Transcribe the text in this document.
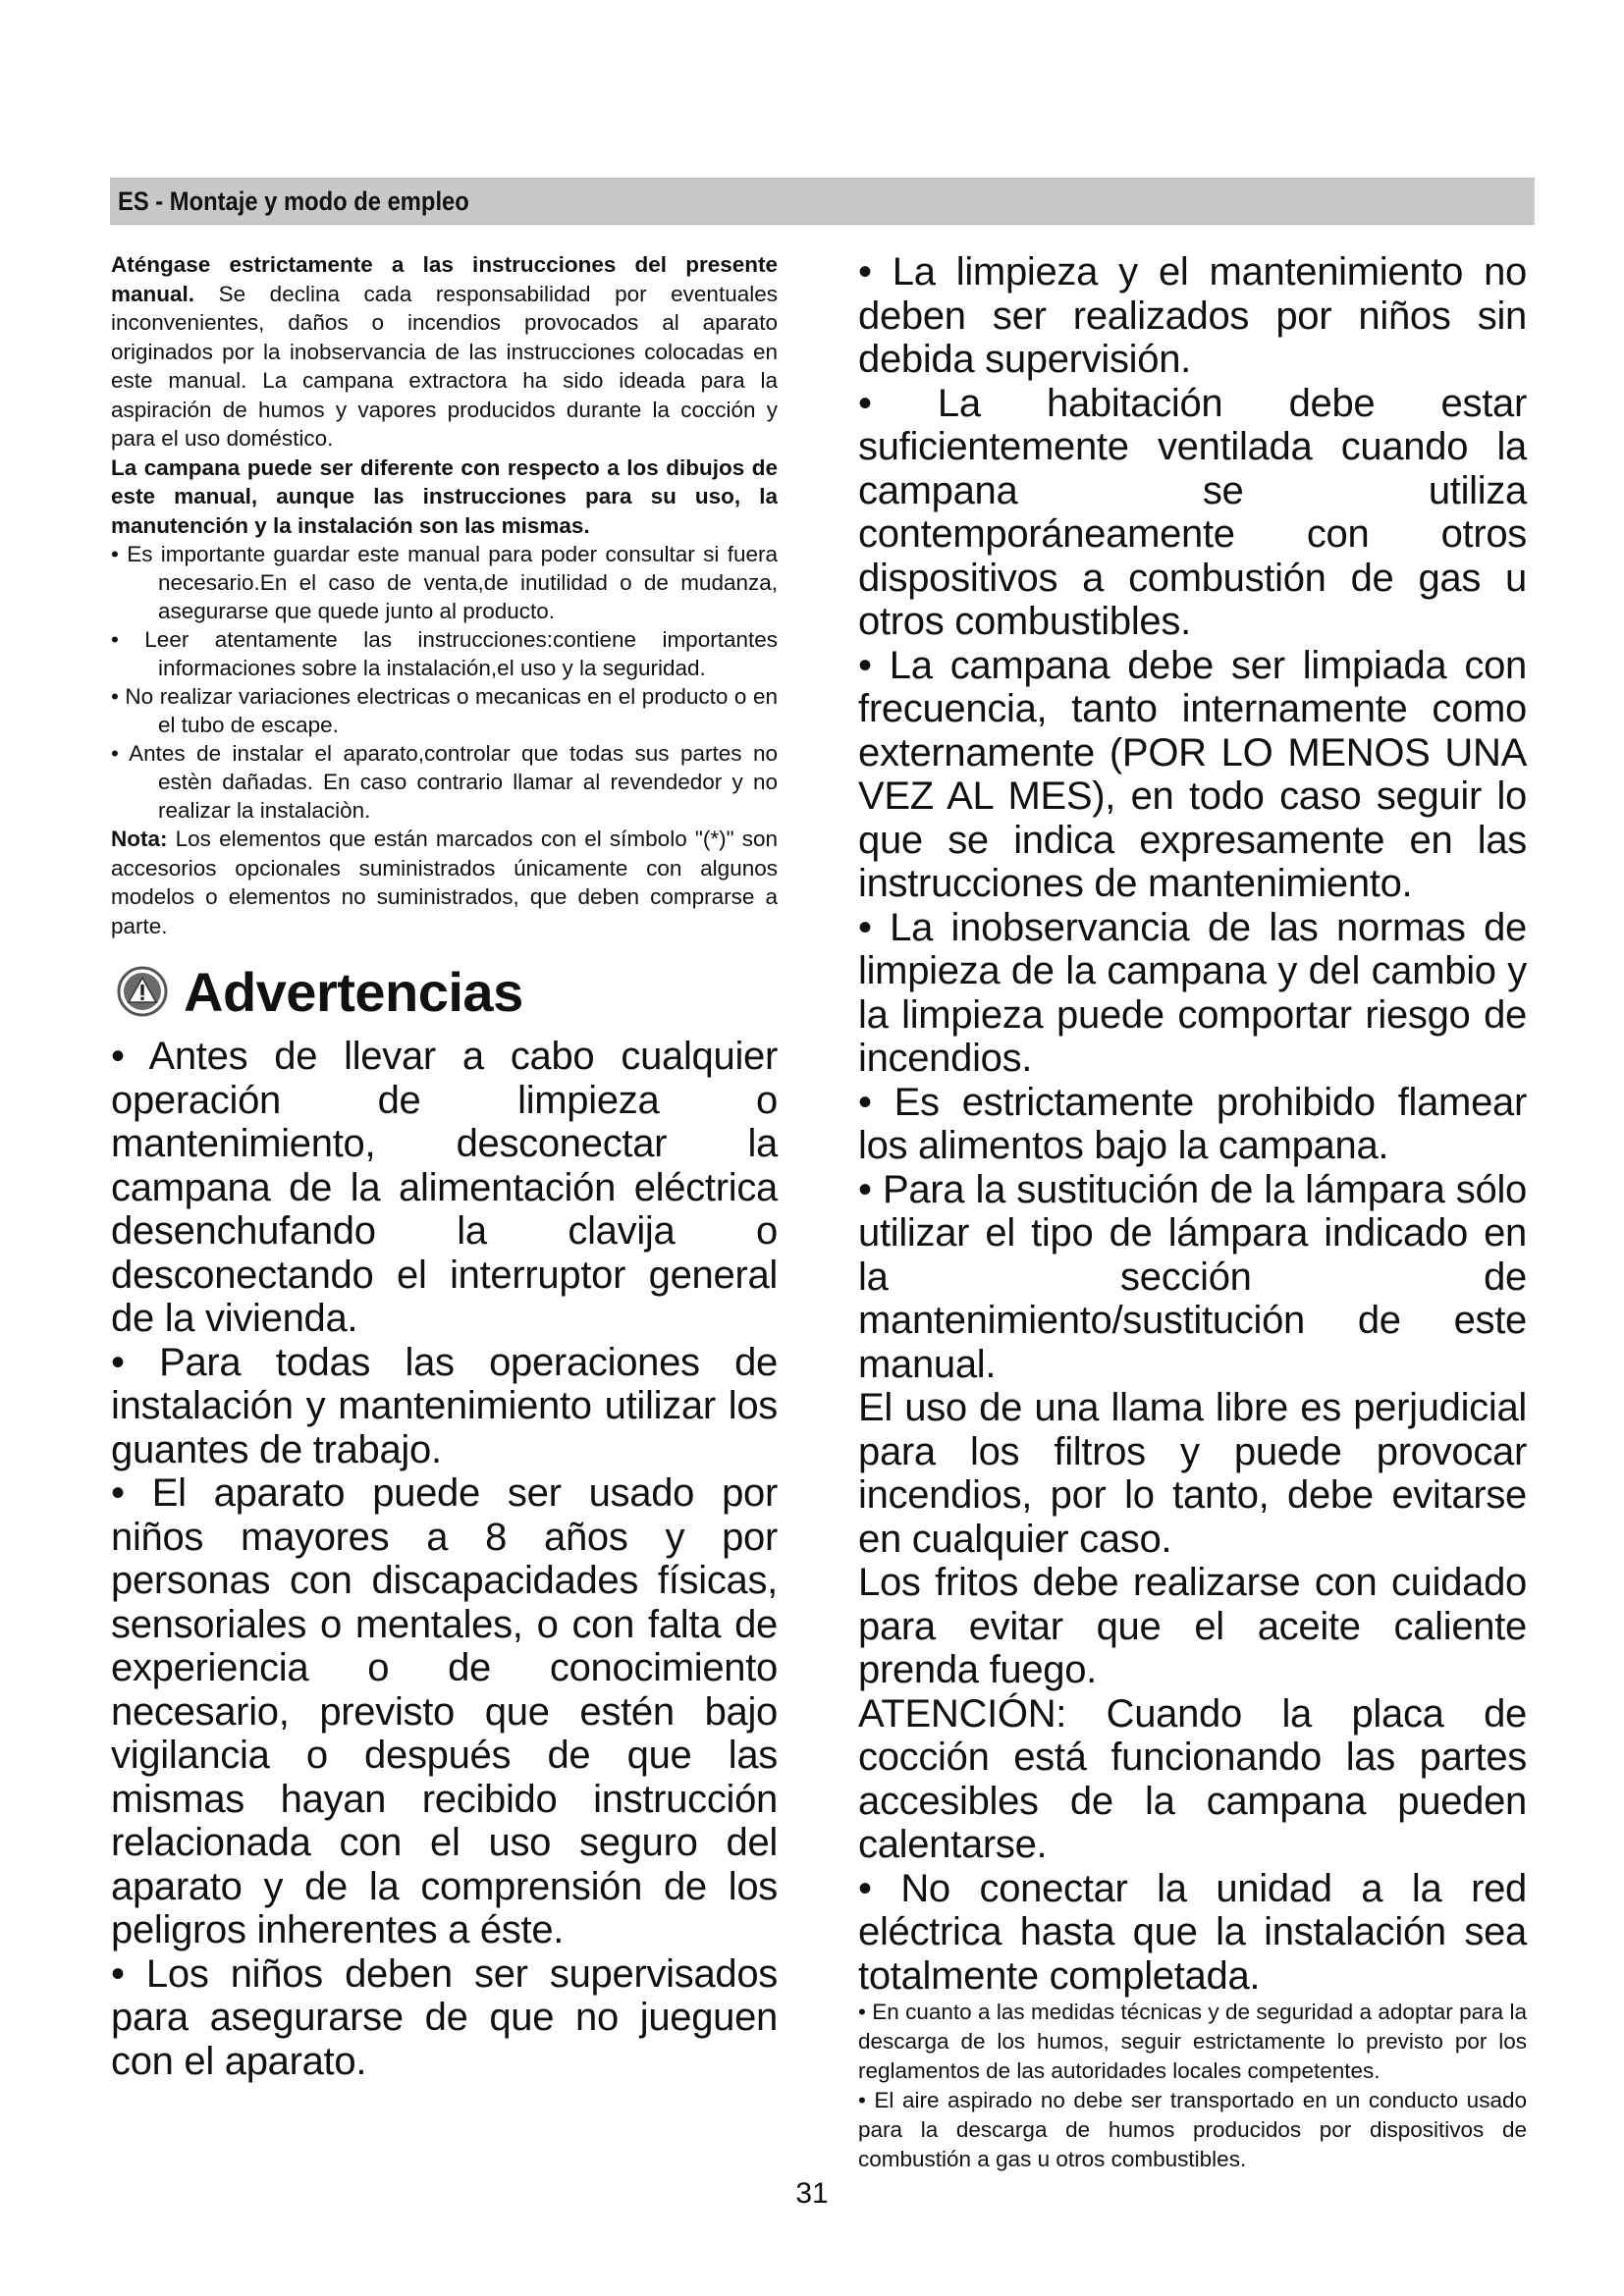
ES - Montaje y modo de empleo

Aténgase estrictamente a las instrucciones del presente manual. Se declina cada responsabilidad por eventuales inconvenientes, daños o incendios provocados al aparato originados por la inobservancia de las instrucciones colocadas en este manual. La campana extractora ha sido ideada para la aspiración de humos y vapores producidos durante la cocción y para el uso doméstico.

La campana puede ser diferente con respecto a los dibujos de este manual, aunque las instrucciones para su uso, la manutención y la instalación son las mismas.

• Es importante guardar este manual para poder consultar si fuera necesario.En el caso de venta,de inutilidad o de mudanza, asegurarse que quede junto al producto.

• Leer atentamente las instrucciones:contiene importantes informaciones sobre la instalación,el uso y la seguridad.

• No realizar variaciones electricas o mecanicas en el producto o en el tubo de escape.

• Antes de instalar el aparato,controlar que todas sus partes no estèn dañadas. En caso contrario llamar al revendedor y no realizar la instalaciòn.

Nota: Los elementos que están marcados con el símbolo "(*)" son accesorios opcionales suministrados únicamente con algunos modelos o elementos no suministrados, que deben comprarse a parte.

Advertencias

• Antes de llevar a cabo cualquier operación de limpieza o mantenimiento, desconectar la campana de la alimentación eléctrica desenchufando la clavija o desconectando el interruptor general de la vivienda.

• Para todas las operaciones de instalación y mantenimiento utilizar los guantes de trabajo.

• El aparato puede ser usado por niños mayores a 8 años y por personas con discapacidades físicas, sensoriales o mentales, o con falta de experiencia o de conocimiento necesario, previsto que estén bajo vigilancia o después de que las mismas hayan recibido instrucción relacionada con el uso seguro del aparato y de la comprensión de los peligros inherentes a éste.

• Los niños deben ser supervisados para asegurarse de que no jueguen con el aparato.

• La limpieza y el mantenimiento no deben ser realizados por niños sin debida supervisión.

• La habitación debe estar suficientemente ventilada cuando la campana se utiliza contemporáneamente con otros dispositivos a combustión de gas u otros combustibles.

• La campana debe ser limpiada con frecuencia, tanto internamente como externamente (POR LO MENOS UNA VEZ AL MES), en todo caso seguir lo que se indica expresamente en las instrucciones de mantenimiento.

• La inobservancia de las normas de limpieza de la campana y del cambio y la limpieza puede comportar riesgo de incendios.

• Es estrictamente prohibido flamear los alimentos bajo la campana.

• Para la sustitución de la lámpara sólo utilizar el tipo de lámpara indicado en la sección de mantenimiento/sustitución de este manual.

El uso de una llama libre es perjudicial para los filtros y puede provocar incendios, por lo tanto, debe evitarse en cualquier caso.

Los fritos debe realizarse con cuidado para evitar que el aceite caliente prenda fuego.

ATENCIÓN: Cuando la placa de cocción está funcionando las partes accesibles de la campana pueden calentarse.

• No conectar la unidad a la red eléctrica hasta que la instalación sea totalmente completada.

• En cuanto a las medidas técnicas y de seguridad a adoptar para la descarga de los humos, seguir estrictamente lo previsto por los reglamentos de las autoridades locales competentes.

• El aire aspirado no debe ser transportado en un conducto usado para la descarga de humos producidos por dispositivos de combustión a gas u otros combustibles.

31
